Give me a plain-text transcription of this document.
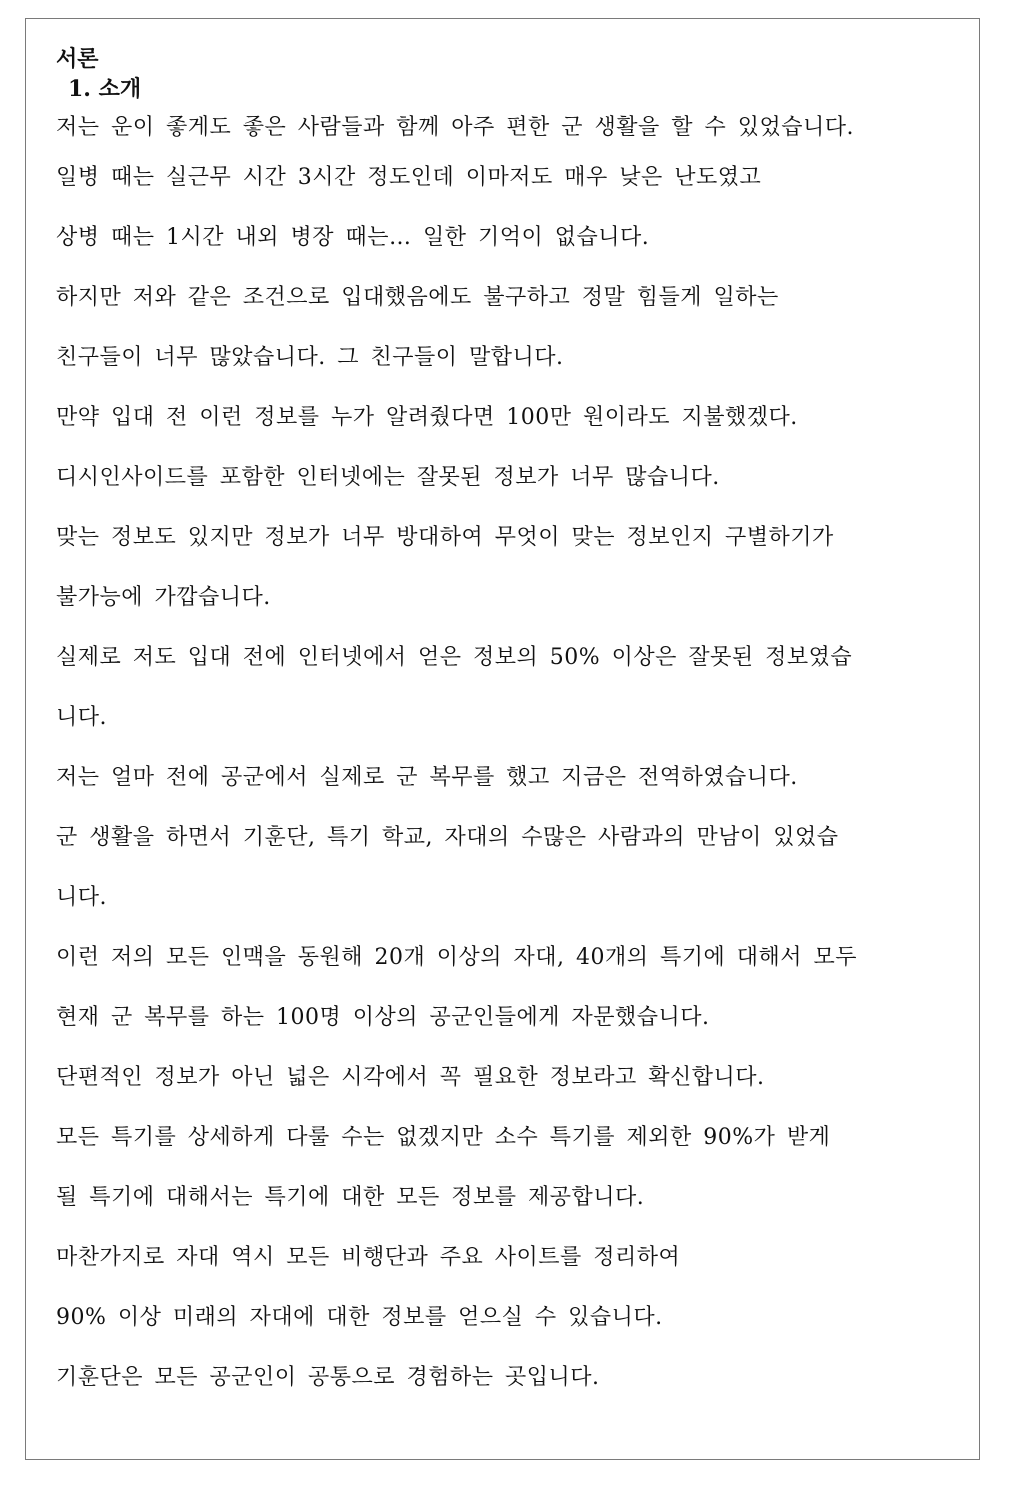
서론
1. 소개
저는 운이 좋게도 좋은 사람들과 함께 아주 편한 군 생활을 할 수 있었습니다.
일병 때는 실근무 시간 3시간 정도인데 이마저도 매우 낮은 난도였고
상병 때는 1시간 내외 병장 때는… 일한 기억이 없습니다.
하지만 저와 같은 조건으로 입대했음에도 불구하고 정말 힘들게 일하는
친구들이 너무 많았습니다. 그 친구들이 말합니다.
만약 입대 전 이런 정보를 누가 알려줬다면 100만 원이라도 지불했겠다.
디시인사이드를 포함한 인터넷에는 잘못된 정보가 너무 많습니다.
맞는 정보도 있지만 정보가 너무 방대하여 무엇이 맞는 정보인지 구별하기가
불가능에 가깝습니다.
실제로 저도 입대 전에 인터넷에서 얻은 정보의 50% 이상은 잘못된 정보였습
니다.
저는 얼마 전에 공군에서 실제로 군 복무를 했고 지금은 전역하였습니다.
군 생활을 하면서 기훈단, 특기 학교, 자대의 수많은 사람과의 만남이 있었습
니다.
이런 저의 모든 인맥을 동원해 20개 이상의 자대, 40개의 특기에 대해서 모두
현재 군 복무를 하는 100명 이상의 공군인들에게 자문했습니다.
단편적인 정보가 아닌 넓은 시각에서 꼭 필요한 정보라고 확신합니다.
모든 특기를 상세하게 다룰 수는 없겠지만 소수 특기를 제외한 90%가 받게
될 특기에 대해서는 특기에 대한 모든 정보를 제공합니다.
마찬가지로 자대 역시 모든 비행단과 주요 사이트를 정리하여
90% 이상 미래의 자대에 대한 정보를 얻으실 수 있습니다.
기훈단은 모든 공군인이 공통으로 경험하는 곳입니다.
